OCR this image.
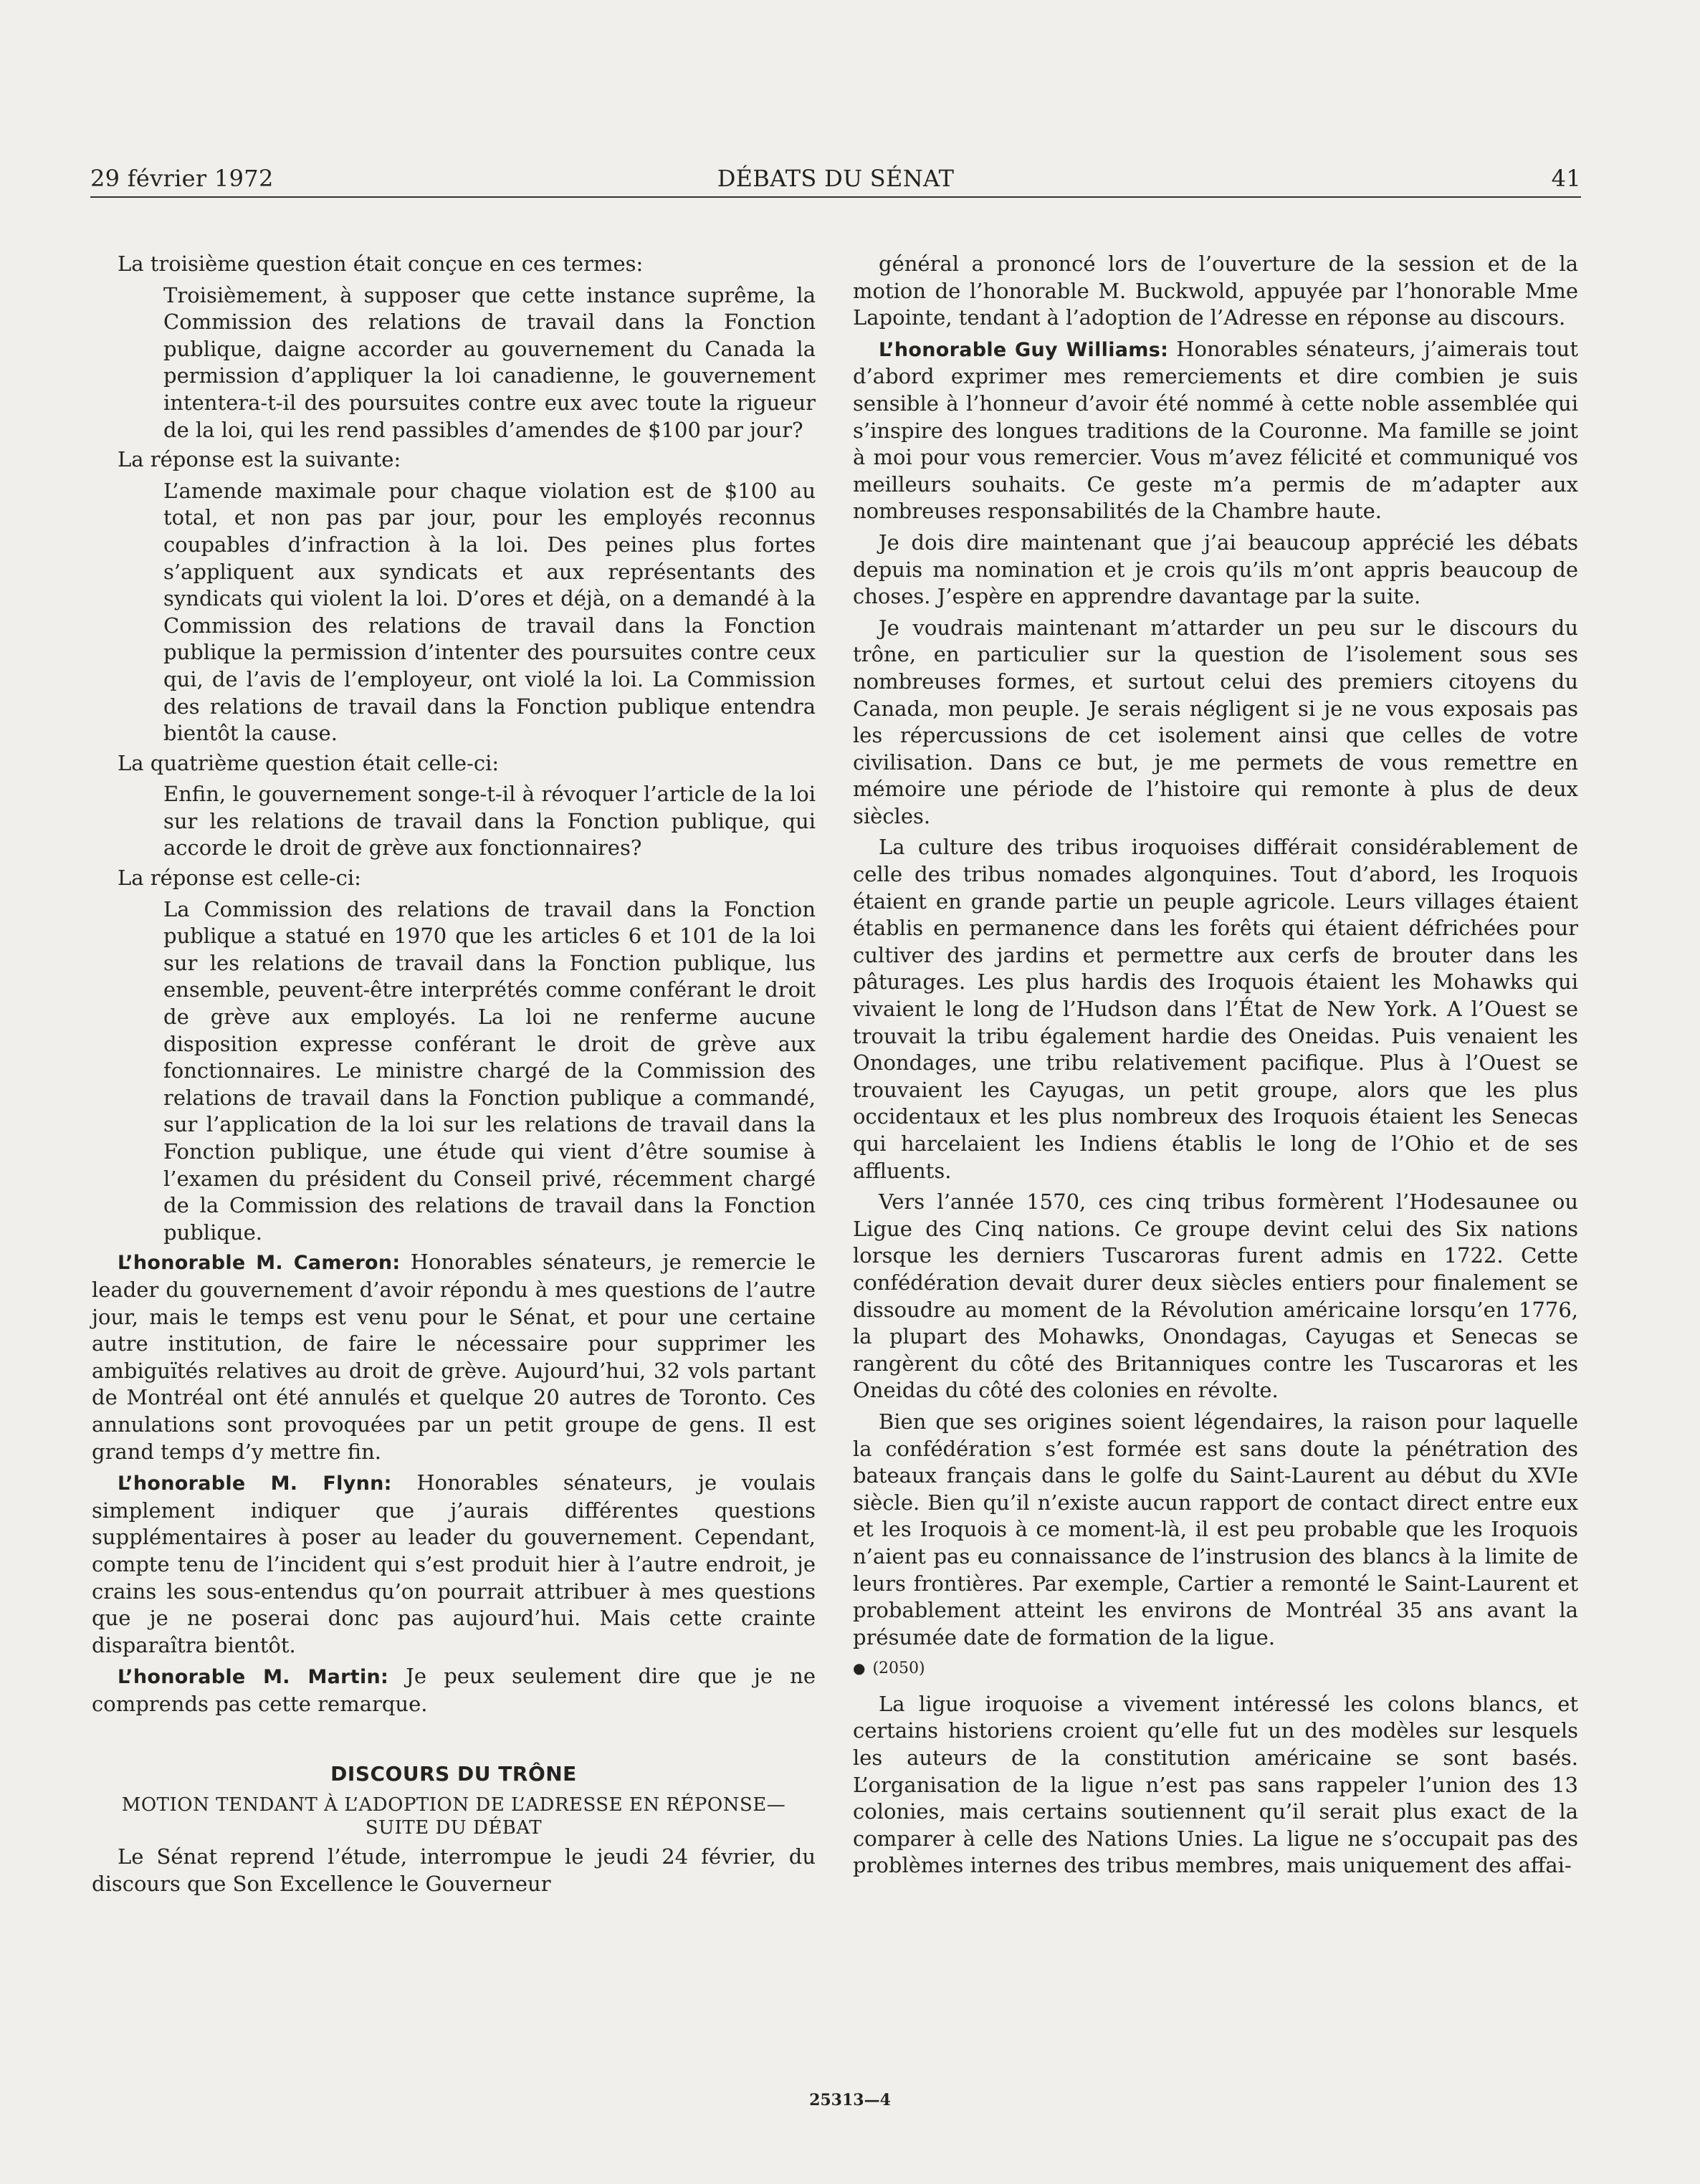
29 février 1972	DÉBATS DU SÉNAT	41

La troisième question était conçue en ces termes:

Troisièmement, à supposer que cette instance suprême, la Commission des relations de travail dans la Fonction publique, daigne accorder au gouvernement du Canada la permission d’appliquer la loi canadienne, le gouvernement intentera-t-il des poursuites contre eux avec toute la rigueur de la loi, qui les rend passibles d’amendes de $100 par jour?

La réponse est la suivante:

L’amende maximale pour chaque violation est de $100 au total, et non pas par jour, pour les employés reconnus coupables d’infraction à la loi. Des peines plus fortes s’appliquent aux syndicats et aux représentants des syndicats qui violent la loi. D’ores et déjà, on a demandé à la Commission des relations de travail dans la Fonction publique la permission d’intenter des poursuites contre ceux qui, de l’avis de l’employeur, ont violé la loi. La Commission des relations de travail dans la Fonction publique entendra bientôt la cause.

La quatrième question était celle-ci:

Enfin, le gouvernement songe-t-il à révoquer l’article de la loi sur les relations de travail dans la Fonction publique, qui accorde le droit de grève aux fonctionnaires?

La réponse est celle-ci:

La Commission des relations de travail dans la Fonction publique a statué en 1970 que les articles 6 et 101 de la loi sur les relations de travail dans la Fonction publique, lus ensemble, peuvent-être interprétés comme conférant le droit de grève aux employés. La loi ne renferme aucune disposition expresse conférant le droit de grève aux fonctionnaires. Le ministre chargé de la Commission des relations de travail dans la Fonction publique a commandé, sur l’application de la loi sur les relations de travail dans la Fonction publique, une étude qui vient d’être soumise à l’examen du président du Conseil privé, récemment chargé de la Commission des relations de travail dans la Fonction publique.

L’honorable M. Cameron: Honorables sénateurs, je remercie le leader du gouvernement d’avoir répondu à mes questions de l’autre jour, mais le temps est venu pour le Sénat, et pour une certaine autre institution, de faire le nécessaire pour supprimer les ambiguïtés relatives au droit de grève. Aujourd’hui, 32 vols partant de Montréal ont été annulés et quelque 20 autres de Toronto. Ces annulations sont provoquées par un petit groupe de gens. Il est grand temps d’y mettre fin.

L’honorable M. Flynn: Honorables sénateurs, je voulais simplement indiquer que j’aurais différentes questions supplémentaires à poser au leader du gouvernement. Cependant, compte tenu de l’incident qui s’est produit hier à l’autre endroit, je crains les sous-entendus qu’on pourrait attribuer à mes questions que je ne poserai donc pas aujourd’hui. Mais cette crainte disparaîtra bientôt.

L’honorable M. Martin: Je peux seulement dire que je ne comprends pas cette remarque.

DISCOURS DU TRÔNE
MOTION TENDANT À L’ADOPTION DE L’ADRESSE EN RÉPONSE—SUITE DU DÉBAT

Le Sénat reprend l’étude, interrompue le jeudi 24 février, du discours que Son Excellence le Gouverneur

général a prononcé lors de l’ouverture de la session et de la motion de l’honorable M. Buckwold, appuyée par l’honorable Mme Lapointe, tendant à l’adoption de l’Adresse en réponse au discours.

L’honorable Guy Williams: Honorables sénateurs, j’aimerais tout d’abord exprimer mes remerciements et dire combien je suis sensible à l’honneur d’avoir été nommé à cette noble assemblée qui s’inspire des longues traditions de la Couronne. Ma famille se joint à moi pour vous remercier. Vous m’avez félicité et communiqué vos meilleurs souhaits. Ce geste m’a permis de m’adapter aux nombreuses responsabilités de la Chambre haute.

Je dois dire maintenant que j’ai beaucoup apprécié les débats depuis ma nomination et je crois qu’ils m’ont appris beaucoup de choses. J’espère en apprendre davantage par la suite.

Je voudrais maintenant m’attarder un peu sur le discours du trône, en particulier sur la question de l’isolement sous ses nombreuses formes, et surtout celui des premiers citoyens du Canada, mon peuple. Je serais négligent si je ne vous exposais pas les répercussions de cet isolement ainsi que celles de votre civilisation. Dans ce but, je me permets de vous remettre en mémoire une période de l’histoire qui remonte à plus de deux siècles.

La culture des tribus iroquoises différait considérablement de celle des tribus nomades algonquines. Tout d’abord, les Iroquois étaient en grande partie un peuple agricole. Leurs villages étaient établis en permanence dans les forêts qui étaient défrichées pour cultiver des jardins et permettre aux cerfs de brouter dans les pâturages. Les plus hardis des Iroquois étaient les Mohawks qui vivaient le long de l’Hudson dans l’État de New York. A l’Ouest se trouvait la tribu également hardie des Oneidas. Puis venaient les Onondages, une tribu relativement pacifique. Plus à l’Ouest se trouvaient les Cayugas, un petit groupe, alors que les plus occidentaux et les plus nombreux des Iroquois étaient les Senecas qui harcelaient les Indiens établis le long de l’Ohio et de ses affluents.

Vers l’année 1570, ces cinq tribus formèrent l’Hodesaunee ou Ligue des Cinq nations. Ce groupe devint celui des Six nations lorsque les derniers Tuscaroras furent admis en 1722. Cette confédération devait durer deux siècles entiers pour finalement se dissoudre au moment de la Révolution américaine lorsqu’en 1776, la plupart des Mohawks, Onondagas, Cayugas et Senecas se rangèrent du côté des Britanniques contre les Tuscaroras et les Oneidas du côté des colonies en révolte.

Bien que ses origines soient légendaires, la raison pour laquelle la confédération s’est formée est sans doute la pénétration des bateaux français dans le golfe du Saint-Laurent au début du XVIe siècle. Bien qu’il n’existe aucun rapport de contact direct entre eux et les Iroquois à ce moment-là, il est peu probable que les Iroquois n’aient pas eu connaissance de l’instrusion des blancs à la limite de leurs frontières. Par exemple, Cartier a remonté le Saint-Laurent et probablement atteint les environs de Montréal 35 ans avant la présumée date de formation de la ligue.

● (2050)

La ligue iroquoise a vivement intéressé les colons blancs, et certains historiens croient qu’elle fut un des modèles sur lesquels les auteurs de la constitution américaine se sont basés. L’organisation de la ligue n’est pas sans rappeler l’union des 13 colonies, mais certains soutiennent qu’il serait plus exact de la comparer à celle des Nations Unies. La ligue ne s’occupait pas des problèmes internes des tribus membres, mais uniquement des affai-

25313—4
